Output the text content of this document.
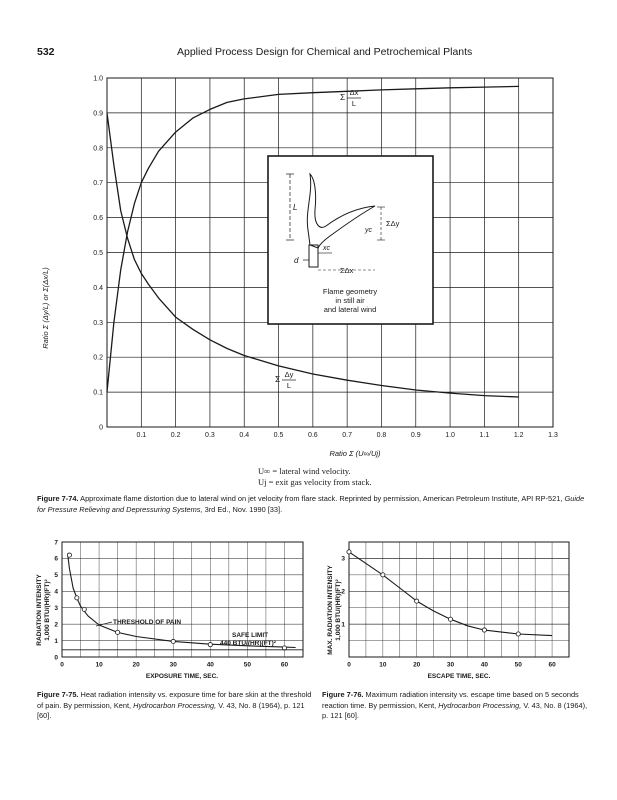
532	Applied Process Design for Chemical and Petrochemical Plants
0
0.1
0.2
0.3
0.4
0.5
0.6
0.7
0.8
0.9
1.0
0.1	0.2	0.3	0.4	0.5	0.6	0.7	0.8	0.9	1.0	1.1	1.2	1.3
Σ Δx
L
Σ Δy
L
L
d
xc
ΣΔx
yc
ΣΔy
Flame geometry
in still air
and lateral wind
Ratio Σ (U∞/Uj)
Ratio Σ (Δy/L) or Σ(Δx/L)
U∞ = lateral wind velocity.
Uj = exit gas velocity from stack.
Figure 7-74. Approximate flame distortion due to lateral wind on jet velocity from flare stack. Reprinted by permission, American Petroleum Institute, API RP-521, Guide for Pressure Relieving and Depressuring Systems, 3rd Ed., Nov. 1990 [33].
0
1
2
3
4
5
6
7
0	10	20	30	40	50	60
THRESHOLD OF PAIN
SAFE LIMIT
440 BTU/(HR)(FT)²
EXPOSURE TIME, SEC.
RADIATION INTENSITY 1,000 BTU/(HR)(FT)²	1
2
3
0	10	20	30	40	50	60
ESCAPE TIME, SEC.
MAX. RADIATION INTENSITY 1,000 BTU/(HR)(FT)²
Figure 7-75. Heat radiation intensity vs. exposure time for bare skin at the threshold of pain. By permission, Kent, Hydrocarbon Processing, V. 43, No. 8 (1964), p. 121 [60].
Figure 7-76. Maximum radiation intensity vs. escape time based on 5 seconds reaction time. By permission, Kent, Hydrocarbon Processing, V. 43, No. 8 (1964), p. 121 [60].
